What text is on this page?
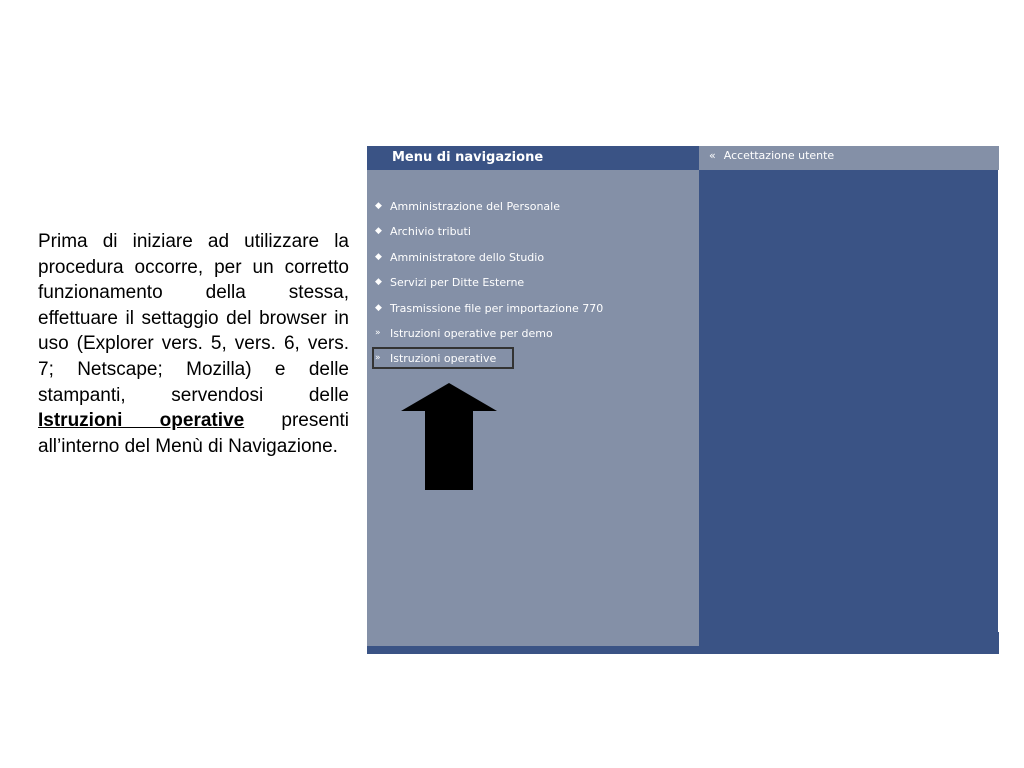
Prima di iniziare ad utilizzare la procedura occorre, per un corretto funzionamento della stessa, effettuare il settaggio del browser in uso (Explorer vers. 5, vers. 6, vers. 7; Netscape; Mozilla) e delle stampanti, servendosi delle Istruzioni operative presenti all’interno del Menù di Navigazione.

Menu di navigazione
◆ Amministrazione del Personale
◆ Archivio tributi
◆ Amministratore dello Studio
◆ Servizi per Ditte Esterne
◆ Trasmissione file per importazione 770
» Istruzioni operative per demo
» Istruzioni operative
« Accettazione utente
